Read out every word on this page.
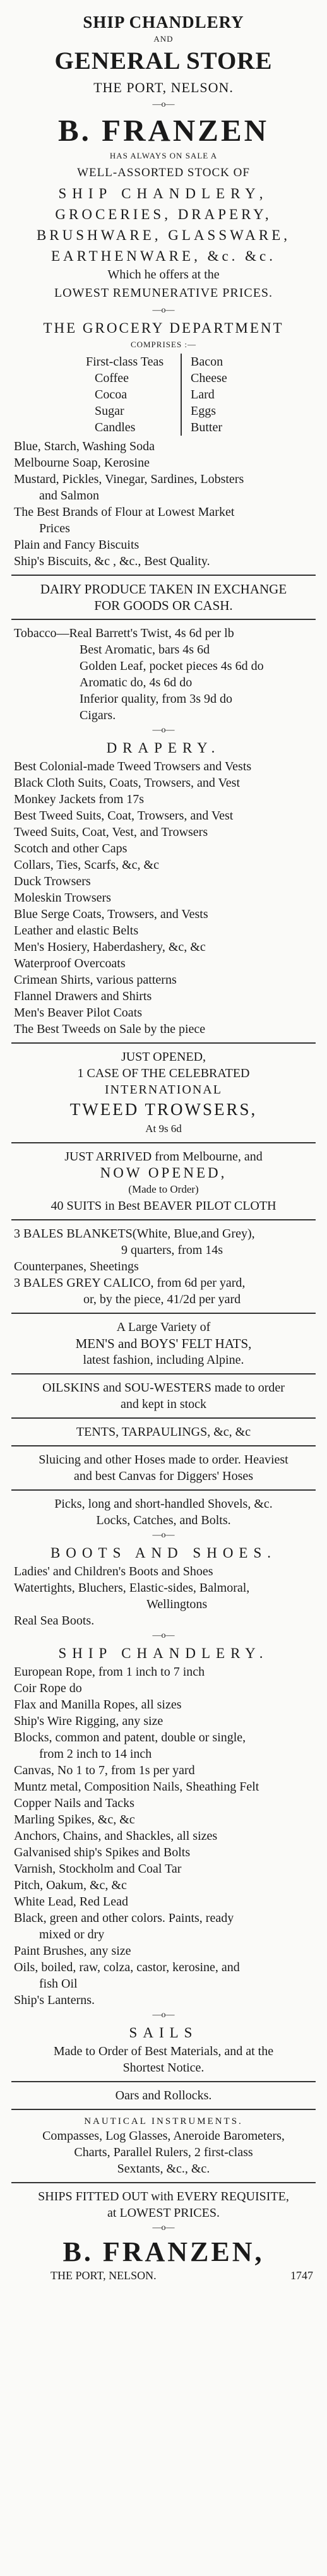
SHIP CHANDLERY
AND
GENERAL STORE
THE PORT, NELSON.
—o—
B. FRANZEN
HAS ALWAYS ON SALE A
WELL-ASSORTED STOCK OF
SHIP CHANDLERY,
GROCERIES, DRAPERY,
BRUSHWARE, GLASSWARE,
EARTHENWARE, &c. &c.
Which he offers at the
LOWEST REMUNERATIVE PRICES.
—o—
THE GROCERY DEPARTMENT
COMPRISES :—
First-class Teas
Coffee
Cocoa
Sugar
Candles
Bacon
Cheese
Lard
Eggs
Butter
Blue, Starch, Washing Soda
Melbourne Soap, Kerosine
Mustard, Pickles, Vinegar, Sardines, Lobsters
and Salmon
The Best Brands of Flour at Lowest Market
Prices
Plain and Fancy Biscuits
Ship's Biscuits, &c , &c., Best Quality.
DAIRY PRODUCE TAKEN IN EXCHANGE
FOR GOODS OR CASH.
Tobacco—Real Barrett's Twist, 4s 6d per lb
Best Aromatic, bars 4s 6d
Golden Leaf, pocket pieces 4s 6d do
Aromatic do, 4s 6d do
Inferior quality, from 3s 9d do
Cigars.
—o—
DRAPERY.
Best Colonial-made Tweed Trowsers and Vests
Black Cloth Suits, Coats, Trowsers, and Vest
Monkey Jackets from 17s
Best Tweed Suits, Coat, Trowsers, and Vest
Tweed Suits, Coat, Vest, and Trowsers
Scotch and other Caps
Collars, Ties, Scarfs, &c, &c
Duck Trowsers
Moleskin Trowsers
Blue Serge Coats, Trowsers, and Vests
Leather and elastic Belts
Men's Hosiery, Haberdashery, &c, &c
Waterproof Overcoats
Crimean Shirts, various patterns
Flannel Drawers and Shirts
Men's Beaver Pilot Coats
The Best Tweeds on Sale by the piece
JUST OPENED,
1 CASE OF THE CELEBRATED
INTERNATIONAL
TWEED TROWSERS,
At 9s 6d
JUST ARRIVED from Melbourne, and
NOW OPENED,
(Made to Order)
40 SUITS in Best BEAVER PILOT CLOTH
3 BALES BLANKETS(White, Blue,and Grey),
9 quarters, from 14s
Counterpanes, Sheetings
3 BALES GREY CALICO, from 6d per yard,
or, by the piece, 41/2d per yard
A Large Variety of
MEN'S and BOYS' FELT HATS,
latest fashion, including Alpine.
OILSKINS and SOU-WESTERS made to order
and kept in stock
TENTS, TARPAULINGS, &c, &c
Sluicing and other Hoses made to order. Heaviest
and best Canvas for Diggers' Hoses
Picks, long and short-handled Shovels, &c.
Locks, Catches, and Bolts.
—o—
BOOTS AND SHOES.
Ladies' and Children's Boots and Shoes
Watertights, Bluchers, Elastic-sides, Balmoral,
Wellingtons
Real Sea Boots.
—o—
SHIP CHANDLERY.
European Rope, from 1 inch to 7 inch
Coir Rope do
Flax and Manilla Ropes, all sizes
Ship's Wire Rigging, any size
Blocks, common and patent, double or single,
from 2 inch to 14 inch
Canvas, No 1 to 7, from 1s per yard
Muntz metal, Composition Nails, Sheathing Felt
Copper Nails and Tacks
Marling Spikes, &c, &c
Anchors, Chains, and Shackles, all sizes
Galvanised ship's Spikes and Bolts
Varnish, Stockholm and Coal Tar
Pitch, Oakum, &c, &c
White Lead, Red Lead
Black, green and other colors. Paints, ready
mixed or dry
Paint Brushes, any size
Oils, boiled, raw, colza, castor, kerosine, and
fish Oil
Ship's Lanterns.
—o—
SAILS
Made to Order of Best Materials, and at the
Shortest Notice.
Oars and Rollocks.
NAUTICAL INSTRUMENTS.
Compasses, Log Glasses, Aneroide Barometers,
Charts, Parallel Rulers, 2 first-class
Sextants, &c., &c.
SHIPS FITTED OUT with EVERY REQUISITE,
at LOWEST PRICES.
—o—
B. FRANZEN,
THE PORT, NELSON.	1747
